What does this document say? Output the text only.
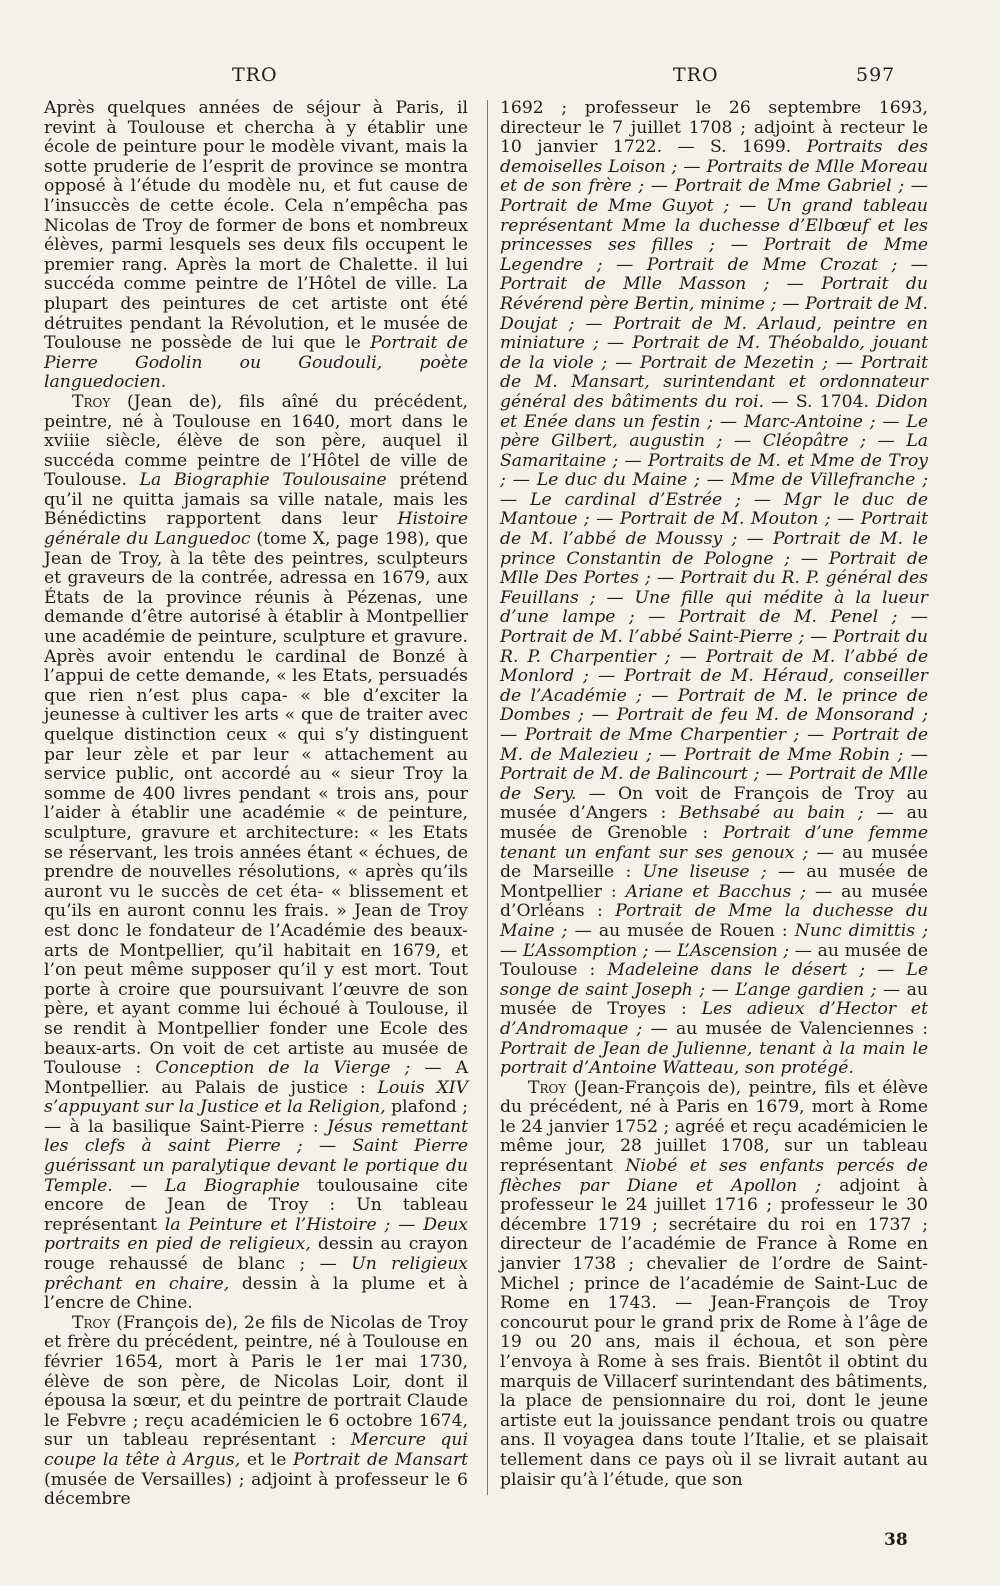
TRO	TRO	597

Après quelques années de séjour à Paris, il revint à Toulouse et chercha à y établir une école de peinture pour le modèle vivant, mais la sotte pruderie de l’esprit de province se montra opposé à l’étude du modèle nu, et fut cause de l’insuccès de cette école. Cela n’empêcha pas Nicolas de Troy de former de bons et nombreux élèves, parmi lesquels ses deux fils occupent le premier rang. Après la mort de Chalette. il lui succéda comme peintre de l’Hôtel de ville. La plupart des peintures de cet artiste ont été détruites pendant la Révolution, et le musée de Toulouse ne possède de lui que le Portrait de Pierre Godolin ou Goudouli, poète languedocien.

Troy (Jean de), fils aîné du précédent, peintre, né à Toulouse en 1640, mort dans le xviiie siècle, élève de son père, auquel il succéda comme peintre de l’Hôtel de ville de Toulouse. La Biographie Toulousaine prétend qu’il ne quitta jamais sa ville natale, mais les Bénédictins rapportent dans leur Histoire générale du Languedoc (tome X, page 198), que Jean de Troy, à la tête des peintres, sculpteurs et graveurs de la contrée, adressa en 1679, aux États de la province réunis à Pézenas, une demande d’être autorisé à établir à Montpellier une académie de peinture, sculpture et gravure. Après avoir entendu le cardinal de Bonzé à l’appui de cette demande, « les Etats, persuadés que rien n’est plus capa- « ble d’exciter la jeunesse à cultiver les arts « que de traiter avec quelque distinction ceux « qui s’y distinguent par leur zèle et par leur « attachement au service public, ont accordé au « sieur Troy la somme de 400 livres pendant « trois ans, pour l’aider à établir une académie « de peinture, sculpture, gravure et architecture: « les Etats se réservant, les trois années étant « échues, de prendre de nouvelles résolutions, « après qu’ils auront vu le succès de cet éta- « blissement et qu’ils en auront connu les frais. » Jean de Troy est donc le fondateur de l’Académie des beaux-arts de Montpellier, qu’il habitait en 1679, et l’on peut même supposer qu’il y est mort. Tout porte à croire que poursuivant l’œuvre de son père, et ayant comme lui échoué à Toulouse, il se rendit à Montpellier fonder une Ecole des beaux-arts. On voit de cet artiste au musée de Toulouse : Conception de la Vierge ; — A Montpellier. au Palais de justice : Louis XIV s’appuyant sur la Justice et la Religion, plafond ; — à la basilique Saint-Pierre : Jésus remettant les clefs à saint Pierre ; — Saint Pierre guérissant un paralytique devant le portique du Temple. — La Biographie toulousaine cite encore de Jean de Troy : Un tableau représentant la Peinture et l’Histoire ; — Deux portraits en pied de religieux, dessin au crayon rouge rehaussé de blanc ; — Un religieux prêchant en chaire, dessin à la plume et à l’encre de Chine.

Troy (François de), 2e fils de Nicolas de Troy et frère du précédent, peintre, né à Toulouse en février 1654, mort à Paris le 1er mai 1730, élève de son père, de Nicolas Loir, dont il épousa la sœur, et du peintre de portrait Claude le Febvre ; reçu académicien le 6 octobre 1674, sur un tableau représentant : Mercure qui coupe la tête à Argus, et le Portrait de Mansart (musée de Versailles) ; adjoint à professeur le 6 décembre

1692 ; professeur le 26 septembre 1693, directeur le 7 juillet 1708 ; adjoint à recteur le 10 janvier 1722. — S. 1699. Portraits des demoiselles Loison ; — Portraits de Mlle Moreau et de son frère ; — Portrait de Mme Gabriel ; — Portrait de Mme Guyot ; — Un grand tableau représentant Mme la duchesse d’Elbœuf et les princesses ses filles ; — Portrait de Mme Legendre ; — Portrait de Mme Crozat ; — Portrait de Mlle Masson ; — Portrait du Révérend père Bertin, minime ; — Portrait de M. Doujat ; — Portrait de M. Arlaud, peintre en miniature ; — Portrait de M. Théobaldo, jouant de la viole ; — Portrait de Mezetin ; — Portrait de M. Mansart, surintendant et ordonnateur général des bâtiments du roi. — S. 1704. Didon et Enée dans un festin ; — Marc-Antoine ; — Le père Gilbert, augustin ; — Cléopâtre ; — La Samaritaine ; — Portraits de M. et Mme de Troy ; — Le duc du Maine ; — Mme de Villefranche ; — Le cardinal d’Estrée ; — Mgr le duc de Mantoue ; — Portrait de M. Mouton ; — Portrait de M. l’abbé de Moussy ; — Portrait de M. le prince Constantin de Pologne ; — Portrait de Mlle Des Portes ; — Portrait du R. P. général des Feuillans ; — Une fille qui médite à la lueur d’une lampe ; — Portrait de M. Penel ; — Portrait de M. l’abbé Saint-Pierre ; — Portrait du R. P. Charpentier ; — Portrait de M. l’abbé de Monlord ; — Portrait de M. Héraud, conseiller de l’Académie ; — Portrait de M. le prince de Dombes ; — Portrait de feu M. de Monsorand ; — Portrait de Mme Charpentier ; — Portrait de M. de Malezieu ; — Portrait de Mme Robin ; — Portrait de M. de Balincourt ; — Portrait de Mlle de Sery. — On voit de François de Troy au musée d’Angers : Bethsabé au bain ; — au musée de Grenoble : Portrait d’une femme tenant un enfant sur ses genoux ; — au musée de Marseille : Une liseuse ; — au musée de Montpellier : Ariane et Bacchus ; — au musée d’Orléans : Portrait de Mme la duchesse du Maine ; — au musée de Rouen : Nunc dimittis ; — L’Assomption ; — L’Ascension ; — au musée de Toulouse : Madeleine dans le désert ; — Le songe de saint Joseph ; — L’ange gardien ; — au musée de Troyes : Les adieux d’Hector et d’Andromaque ; — au musée de Valenciennes : Portrait de Jean de Julienne, tenant à la main le portrait d’Antoine Watteau, son protégé.

Troy (Jean-François de), peintre, fils et élève du précédent, né à Paris en 1679, mort à Rome le 24 janvier 1752 ; agréé et reçu académicien le même jour, 28 juillet 1708, sur un tableau représentant Niobé et ses enfants percés de flèches par Diane et Apollon ; adjoint à professeur le 24 juillet 1716 ; professeur le 30 décembre 1719 ; secrétaire du roi en 1737 ; directeur de l’académie de France à Rome en janvier 1738 ; chevalier de l’ordre de Saint-Michel ; prince de l’académie de Saint-Luc de Rome en 1743. — Jean-François de Troy concourut pour le grand prix de Rome à l’âge de 19 ou 20 ans, mais il échoua, et son père l’envoya à Rome à ses frais. Bientôt il obtint du marquis de Villacerf surintendant des bâtiments, la place de pensionnaire du roi, dont le jeune artiste eut la jouissance pendant trois ou quatre ans. Il voyagea dans toute l’Italie, et se plaisait tellement dans ce pays où il se livrait autant au plaisir qu’à l’étude, que son

38
